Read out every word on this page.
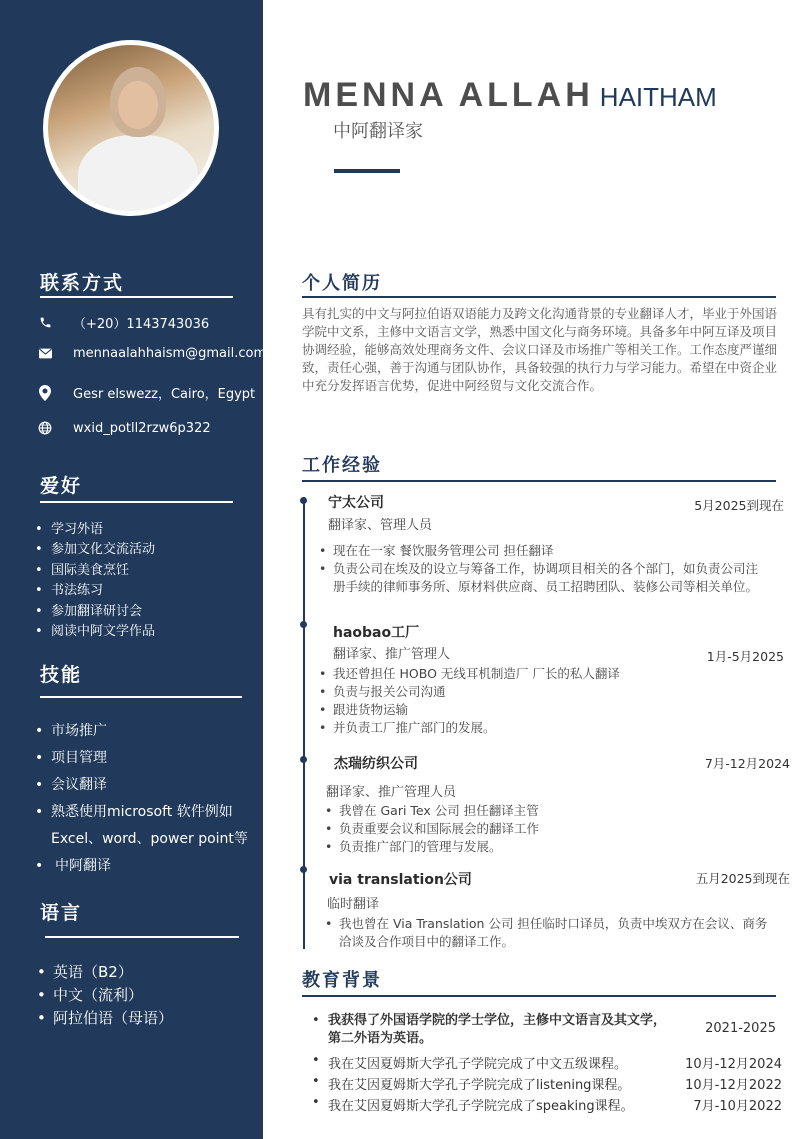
联系方式
（+20）1143743036
mennaalahhaism@gmail.com
Gesr elswezz，Cairo，Egypt
wxid_potll2rzw6p322
爱好
• 学习外语
• 参加文化交流活动
• 国际美食烹饪
• 书法练习
• 参加翻译研讨会
• 阅读中阿文学作品
技能
• 市场推广
• 项目管理
• 会议翻译
• 熟悉使用microsoft 软件例如
Excel、word、power point等
• 中阿翻译
语言
• 英语（B2）
• 中文（流利）
• 阿拉伯语（母语）
MENNA ALLAH HAITHAM
中阿翻译家
个人简历
具有扎实的中文与阿拉伯语双语能力及跨文化沟通背景的专业翻译人才，毕业于外国语学院中文系，主修中文语言文学，熟悉中国文化与商务环境。具备多年中阿互译及项目协调经验，能够高效处理商务文件、会议口译及市场推广等相关工作。工作态度严谨细致，责任心强，善于沟通与团队协作，具备较强的执行力与学习能力。希望在中资企业中充分发挥语言优势，促进中阿经贸与文化交流合作。
工作经验
宁太公司	5月2025到现在
翻译家、管理人员
• 现在在一家 餐饮服务管理公司 担任翻译
• 负责公司在埃及的设立与筹备工作，协调项目相关的各个部门，如负责公司注册手续的律师事务所、原材料供应商、员工招聘团队、装修公司等相关单位。
haobao工厂
1月-5月2025
翻译家、推广管理人
• 我还曾担任 HOBO 无线耳机制造厂 厂长的私人翻译
• 负责与报关公司沟通
• 跟进货物运输
• 并负责工厂推广部门的发展。
杰瑞纺织公司	7月-12月2024
翻译家、推广管理人员
• 我曾在 Gari Tex 公司 担任翻译主管
• 负责重要会议和国际展会的翻译工作
• 负责推广部门的管理与发展。
via translation公司	五月2025到现在
临时翻译
• 我也曾在 Via Translation 公司 担任临时口译员，负责中埃双方在会议、商务洽谈及合作项目中的翻译工作。
教育背景
• 我获得了外国语学院的学士学位，主修中文语言及其文学，第二外语为英语。
2021-2025
• 我在艾因夏姆斯大学孔子学院完成了中文五级课程。	10月-12月2024
• 我在艾因夏姆斯大学孔子学院完成了listening课程。	10月-12月2022
• 我在艾因夏姆斯大学孔子学院完成了speaking课程。	7月-10月2022
